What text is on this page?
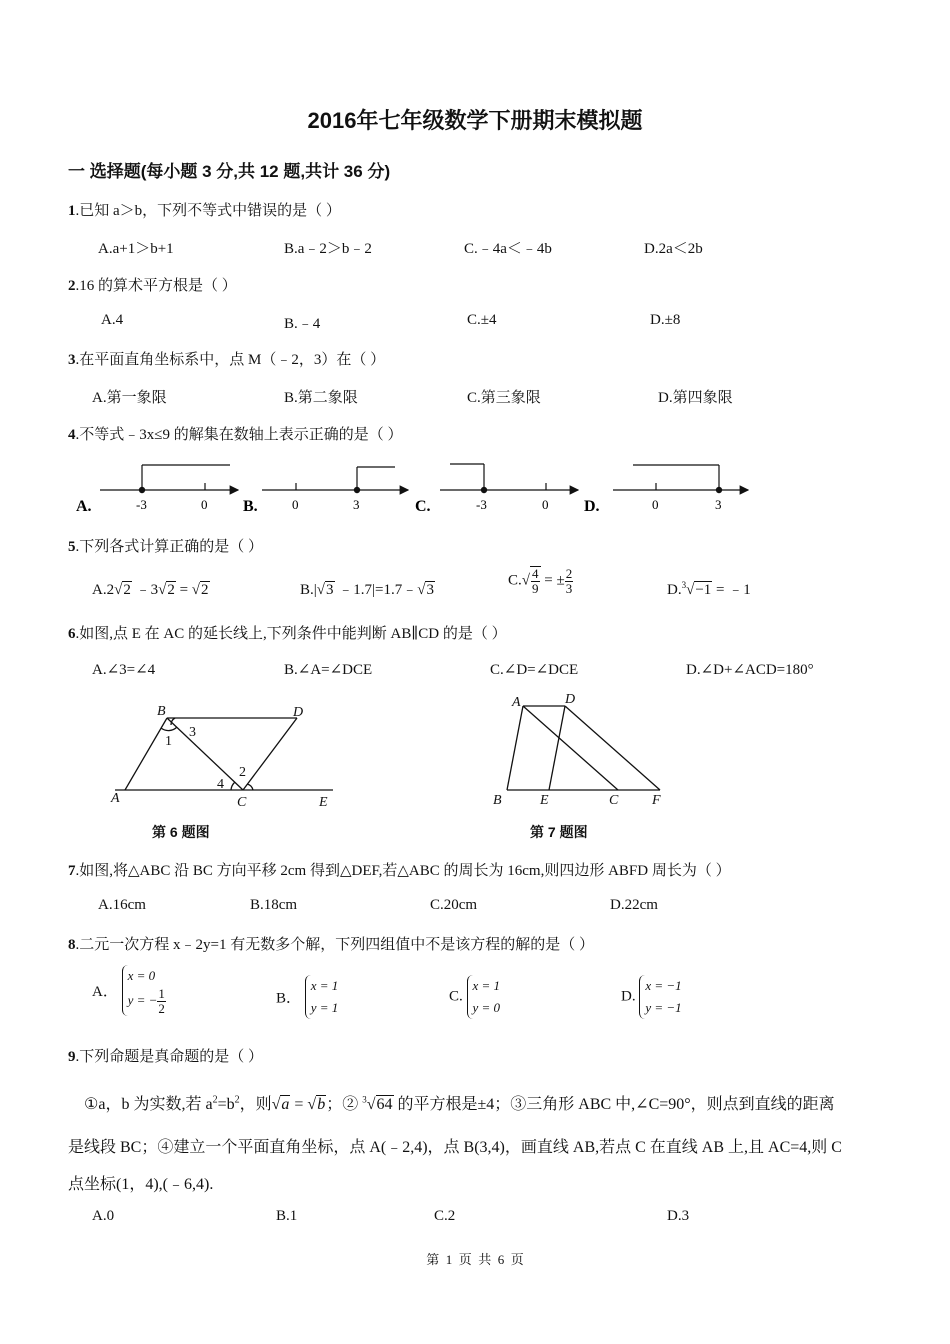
2016年七年级数学下册期末模拟题
一 选择题(每小题 3 分,共 12 题,共计 36 分)
1.已知 a＞b，下列不等式中错误的是（ ）
A.a+1＞b+1	B.a﹣2＞b﹣2	C.﹣4a＜﹣4b	D.2a＜2b
2.16 的算术平方根是（ ）
A.4	B.﹣4	C.±4	D.±8
3.在平面直角坐标系中，点 M（﹣2，3）在（ ）
A.第一象限	B.第二象限	C.第三象限	D.第四象限
4.不等式﹣3x≤9 的解集在数轴上表示正确的是（ ）
A.	-3	0 B.	0	3	C.	-3	0 D.	0	3
5.下列各式计算正确的是（ ）
A.2√2 ﹣3√2 = √2	B.|√3 ﹣1.7|=1.7﹣√3
$C.√ \frac{4}{9}$ = ± $\frac{2}{3}$	D.$^3$√−1 = ﹣1
6.如图,点 E 在 AC 的延长线上,下列条件中能判断 AB∥CD 的是（ ）
A.∠3=∠4	B.∠A=∠DCE	C.∠D=∠DCE	D.∠D+∠ACD=180°
B	D
A	C	E
1
2
3
4
第 6 题图
A	D
B	E	C F
第 7 题图
7.如图,将△ABC 沿 BC 方向平移 2cm 得到△DEF,若△ABC 的周长为 16cm,则四边形 ABFD 周长为（ ）
A.16cm	B.18cm	C.20cm	D.22cm
8.二元一次方程 x﹣2y=1 有无数多个解，下列四组值中不是该方程的解的是（ ）
A．
x = 0
y = − $\frac{1}{2}$	B．
x = 1
y = 1
C.
x = 1
y = 0
D.
x = −1
y = −1
9.下列命题是真命题的是（ ）
①a，b 为实数,若 $a^2=b^2$，则√a = √b；② $^3$√64 的平方根是±4；③三角形 ABC 中,∠C=90°，则点到直线的距离
是线段 BC；④建立一个平面直角坐标，点 A(﹣2,4)，点 B(3,4)，画直线 AB,若点 C 在直线 AB 上,且 AC=4,则 C
点坐标(1，4),(﹣6,4).
A.0	B.1	C.2	D.3
第  1  页  共  6  页
